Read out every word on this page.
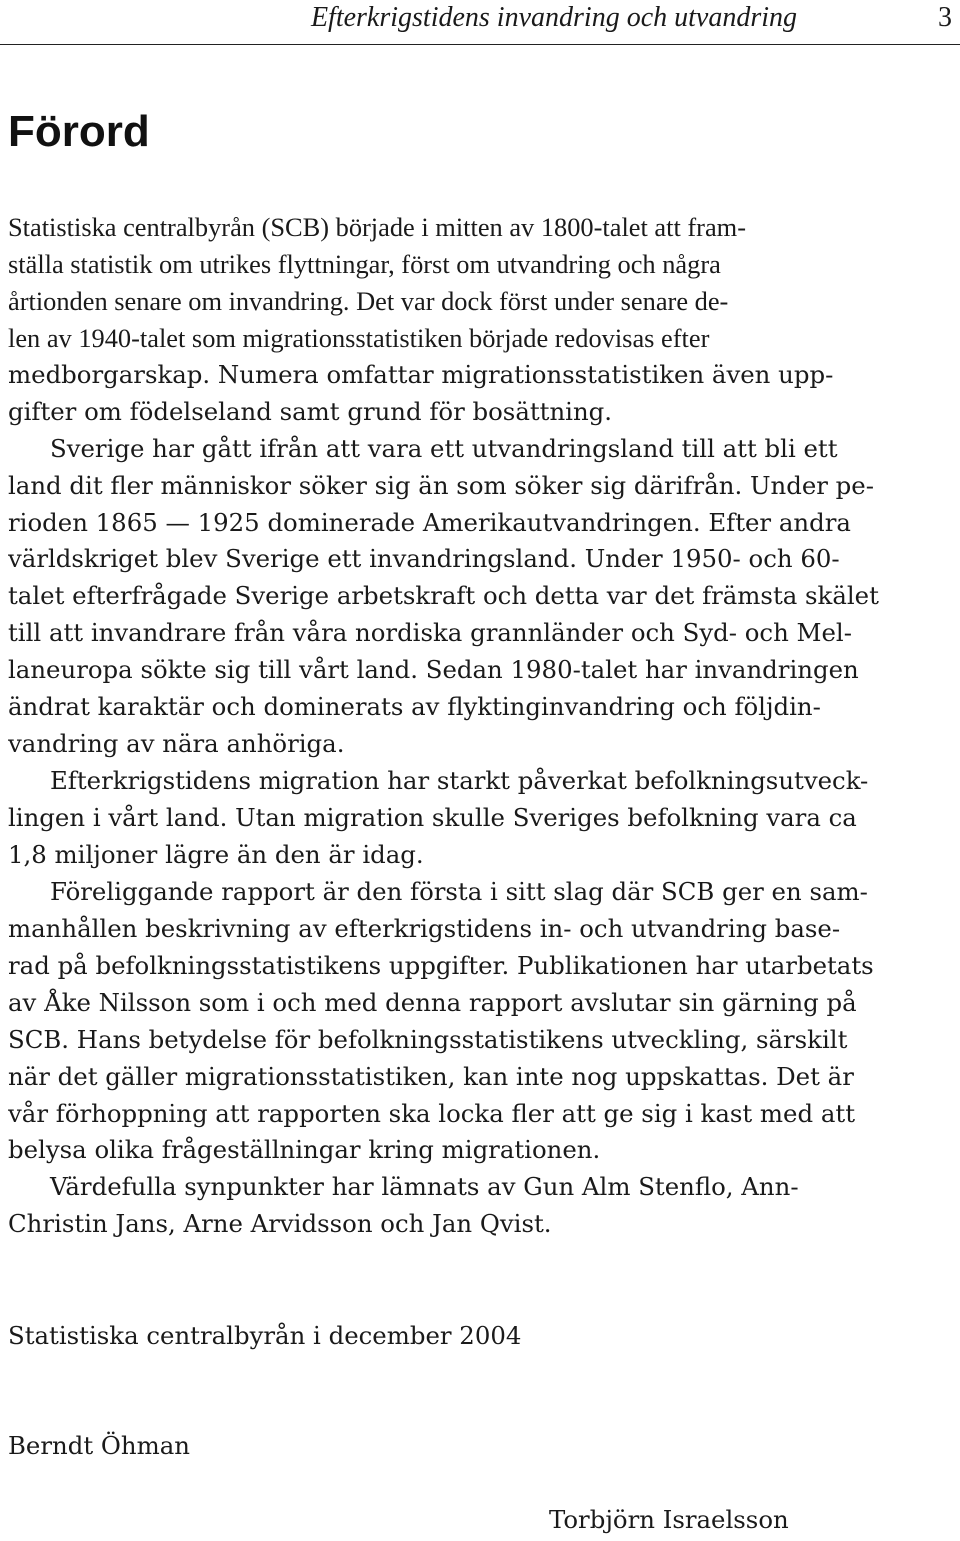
Efterkrigstidens invandring och utvandring	3
Förord
Statistiska centralbyrån (SCB) började i mitten av 1800-talet att fram-
ställa statistik om utrikes flyttningar, först om utvandring och några
årtionden senare om invandring. Det var dock först under senare de-
len av 1940-talet som migrationsstatistiken började redovisas efter
medborgarskap. Numera omfattar migrationsstatistiken även upp-
gifter om födelseland samt grund för bosättning.
Sverige har gått ifrån att vara ett utvandringsland till att bli ett
land dit fler människor söker sig än som söker sig därifrån. Under pe-
rioden 1865 — 1925 dominerade Amerikautvandringen. Efter andra
världskriget blev Sverige ett invandringsland. Under 1950- och 60-
talet efterfrågade Sverige arbetskraft och detta var det främsta skälet
till att invandrare från våra nordiska grannländer och Syd- och Mel-
laneuropa sökte sig till vårt land. Sedan 1980-talet har invandringen
ändrat karaktär och dominerats av flyktinginvandring och följdin-
vandring av nära anhöriga.
Efterkrigstidens migration har starkt påverkat befolkningsutveck-
lingen i vårt land. Utan migration skulle Sveriges befolkning vara ca
1,8 miljoner lägre än den är idag.
Föreliggande rapport är den första i sitt slag där SCB ger en sam-
manhållen beskrivning av efterkrigstidens in- och utvandring base-
rad på befolkningsstatistikens uppgifter. Publikationen har utarbetats
av Åke Nilsson som i och med denna rapport avslutar sin gärning på
SCB. Hans betydelse för befolkningsstatistikens utveckling, särskilt
när det gäller migrationsstatistiken, kan inte nog uppskattas. Det är
vår förhoppning att rapporten ska locka fler att ge sig i kast med att
belysa olika frågeställningar kring migrationen.
Värdefulla synpunkter har lämnats av Gun Alm Stenflo, Ann-
Christin Jans, Arne Arvidsson och Jan Qvist.
Statistiska centralbyrån i december 2004
Berndt Öhman
Torbjörn Israelsson
